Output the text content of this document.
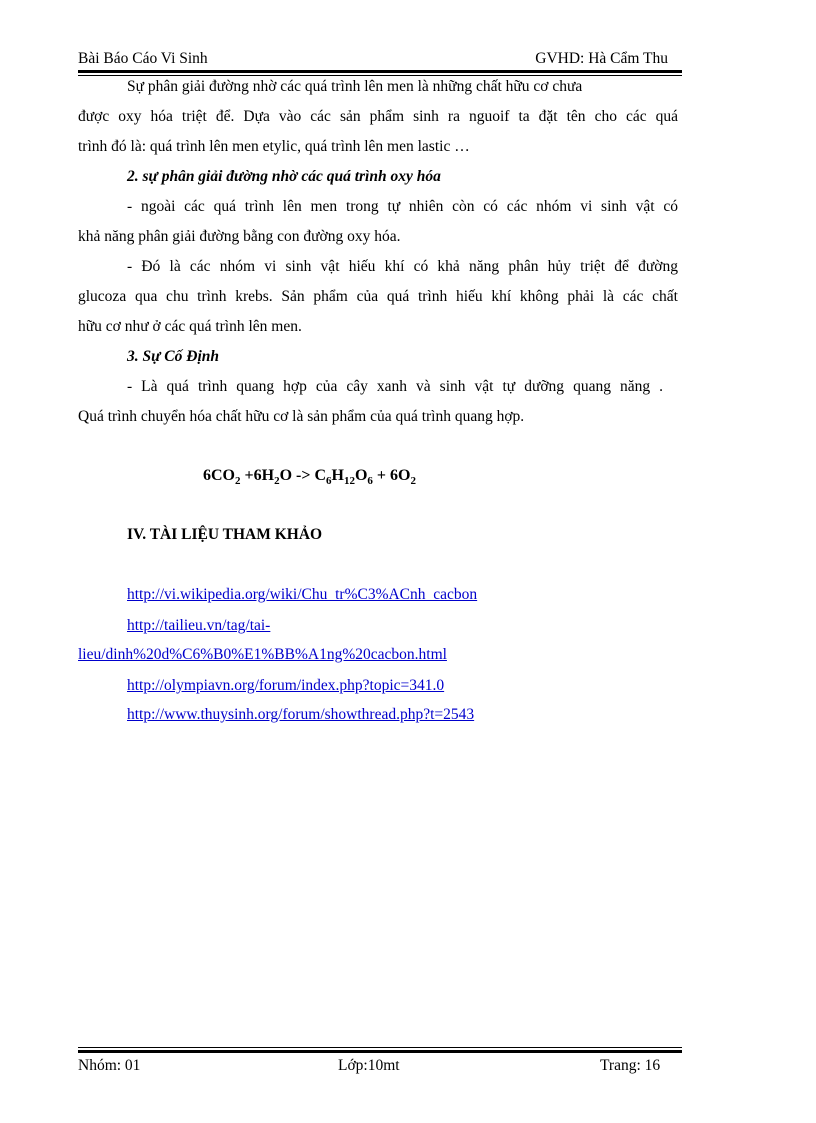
Bài Báo Cáo Vi Sinh	GVHD: Hà Cẩm Thu
Sự phân giải đường nhờ các quá trình lên men là những chất hữu cơ chưa
được oxy hóa triệt để. Dựa vào các sản phẩm sinh ra nguoif ta đặt tên cho các quá
trình đó là: quá trình lên men etylic, quá trình lên men lastic …
2. sự phân giải đường nhờ các quá trình oxy hóa
- ngoài các quá trình lên men trong tự nhiên còn có các nhóm vi sinh vật có
khả năng phân giải đường bằng con đường oxy hóa.
- Đó là các nhóm vi sinh vật hiếu khí có khả năng phân hủy triệt để đường
glucoza qua chu trình krebs. Sản phẩm của quá trình hiếu khí không phải là các chất
hữu cơ như ở các quá trình lên men.
3. Sự Cố Định
- Là quá trình quang hợp của cây xanh và sinh vật tự dưỡng quang năng .
Quá trình chuyển hóa chất hữu cơ là sản phẩm của quá trình quang hợp.
$6CO_2 +6H_2O -> C_6H_{12}O_6 + 6O_2$
IV. TÀI LIỆU THAM KHẢO
http://vi.wikipedia.org/wiki/Chu_tr%C3%ACnh_cacbon
http://tailieu.vn/tag/tai-
lieu/dinh%20d%C6%B0%E1%BB%A1ng%20cacbon.html
http://olympiavn.org/forum/index.php?topic=341.0
http://www.thuysinh.org/forum/showthread.php?t=2543
Nhóm: 01	Lớp:10mt	Trang: 16
